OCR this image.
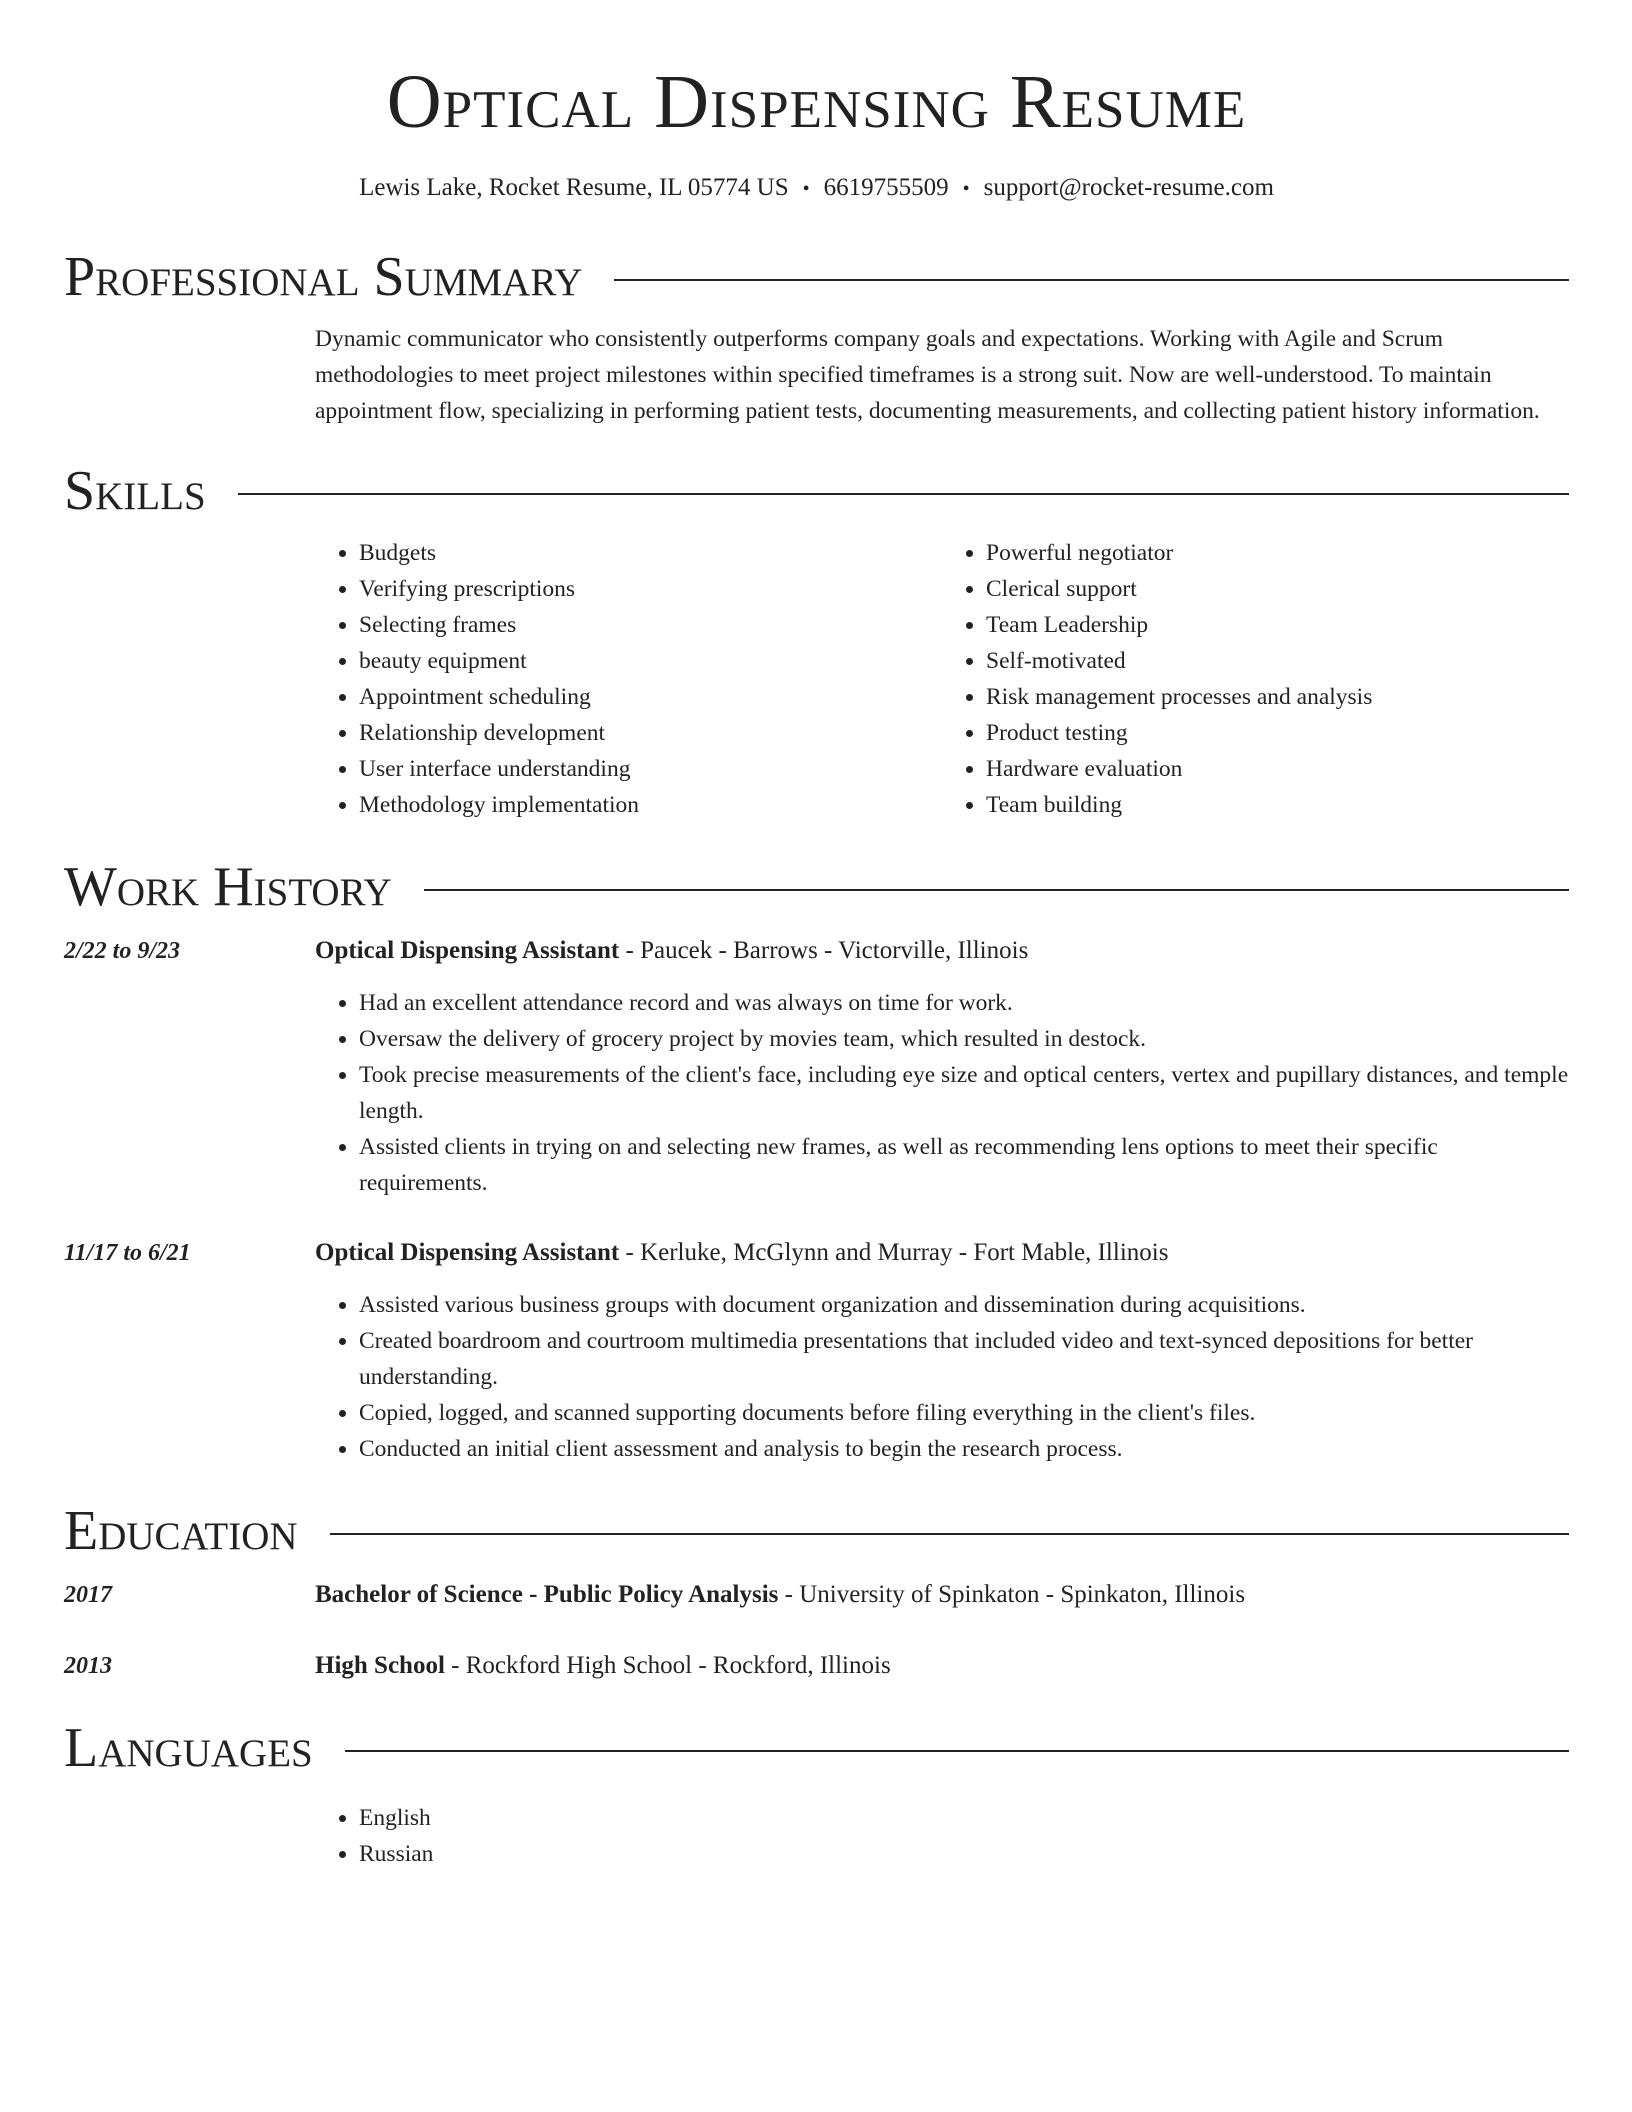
Optical Dispensing Resume
Lewis Lake, Rocket Resume, IL 05774 US • 6619755509 • support@rocket-resume.com
Professional Summary
Dynamic communicator who consistently outperforms company goals and expectations. Working with Agile and Scrum methodologies to meet project milestones within specified timeframes is a strong suit. Now are well-understood. To maintain appointment flow, specializing in performing patient tests, documenting measurements, and collecting patient history information.
Skills
• Budgets
• Verifying prescriptions
• Selecting frames
• beauty equipment
• Appointment scheduling
• Relationship development
• User interface understanding
• Methodology implementation
• Powerful negotiator
• Clerical support
• Team Leadership
• Self-motivated
• Risk management processes and analysis
• Product testing
• Hardware evaluation
• Team building
Work History
2/22 to 9/23	Optical Dispensing Assistant - Paucek - Barrows - Victorville, Illinois
• Had an excellent attendance record and was always on time for work.
• Oversaw the delivery of grocery project by movies team, which resulted in destock.
• Took precise measurements of the client's face, including eye size and optical centers, vertex and pupillary distances, and temple length.
• Assisted clients in trying on and selecting new frames, as well as recommending lens options to meet their specific requirements.
11/17 to 6/21	Optical Dispensing Assistant - Kerluke, McGlynn and Murray - Fort Mable, Illinois
• Assisted various business groups with document organization and dissemination during acquisitions.
• Created boardroom and courtroom multimedia presentations that included video and text-synced depositions for better understanding.
• Copied, logged, and scanned supporting documents before filing everything in the client's files.
• Conducted an initial client assessment and analysis to begin the research process.
Education
2017	Bachelor of Science - Public Policy Analysis - University of Spinkaton - Spinkaton, Illinois
2013	High School - Rockford High School - Rockford, Illinois
Languages
• English
• Russian
